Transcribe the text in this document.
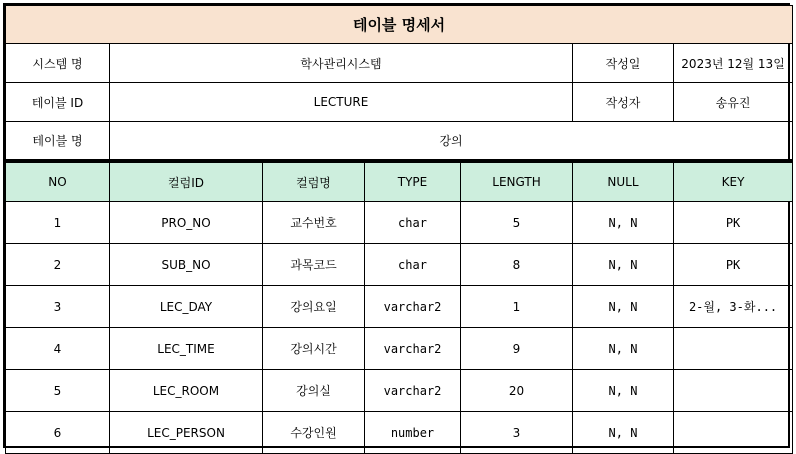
테이블 명세서						
시스템 명	학사관리시스템				작성일	2023년 12월 13일
테이블 ID	LECTURE				작성자	송유진
테이블 명	강의					

NO	컬럼ID	컬럼명	TYPE	LENGTH	NULL	KEY
1	PRO_NO	교수번호	char	5	N, N	PK
2	SUB_NO	과목코드	char	8	N, N	PK
3	LEC_DAY	강의요일	varchar2	1	N, N	2-월, 3-화...
4	LEC_TIME	강의시간	varchar2	9	N, N	
5	LEC_ROOM	강의실	varchar2	20	N, N	
6	LEC_PERSON	수강인원	number	3	N, N	
